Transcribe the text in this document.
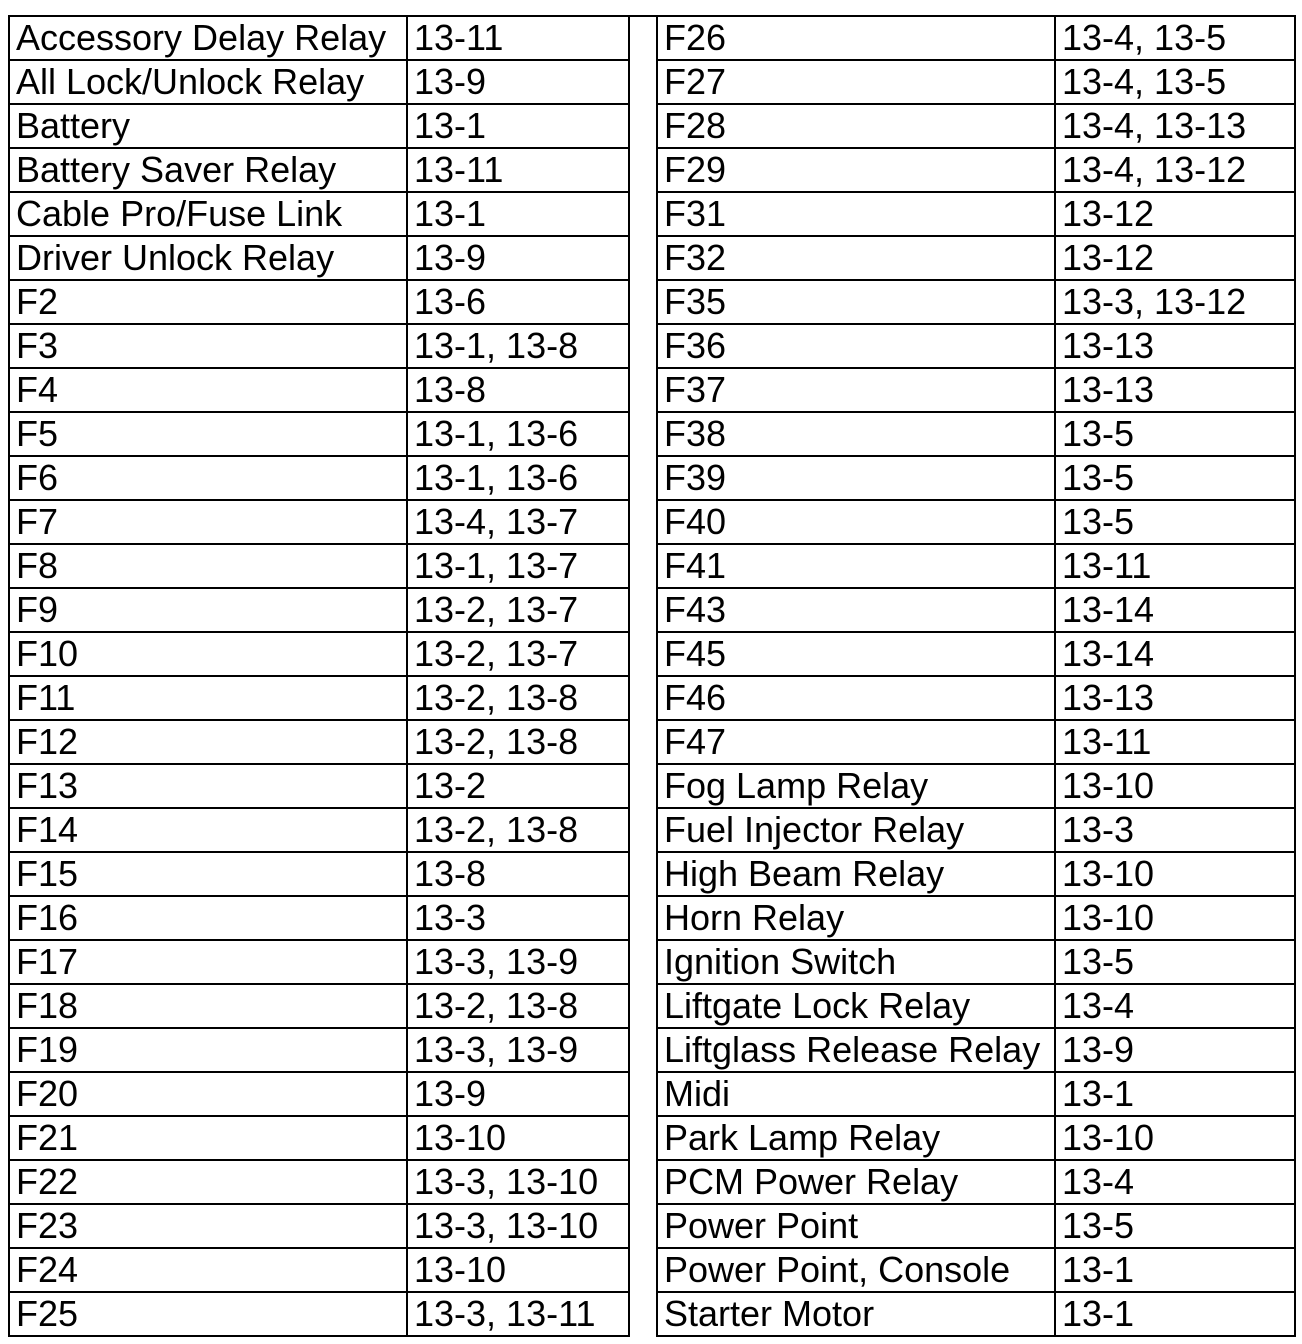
Accessory Delay Relay	13-11
All Lock/Unlock Relay	13-9
Battery	13-1
Battery Saver Relay	13-11
Cable Pro/Fuse Link	13-1
Driver Unlock Relay	13-9
F2	13-6
F3	13-1, 13-8
F4	13-8
F5	13-1, 13-6
F6	13-1, 13-6
F7	13-4, 13-7
F8	13-1, 13-7
F9	13-2, 13-7
F10	13-2, 13-7
F11	13-2, 13-8
F12	13-2, 13-8
F13	13-2
F14	13-2, 13-8
F15	13-8
F16	13-3
F17	13-3, 13-9
F18	13-2, 13-8
F19	13-3, 13-9
F20	13-9
F21	13-10
F22	13-3, 13-10
F23	13-3, 13-10
F24	13-10
F25	13-3, 13-11
F26	13-4, 13-5
F27	13-4, 13-5
F28	13-4, 13-13
F29	13-4, 13-12
F31	13-12
F32	13-12
F35	13-3, 13-12
F36	13-13
F37	13-13
F38	13-5
F39	13-5
F40	13-5
F41	13-11
F43	13-14
F45	13-14
F46	13-13
F47	13-11
Fog Lamp Relay	13-10
Fuel Injector Relay	13-3
High Beam Relay	13-10
Horn Relay	13-10
Ignition Switch	13-5
Liftgate Lock Relay	13-4
Liftglass Release Relay	13-9
Midi	13-1
Park Lamp Relay	13-10
PCM Power Relay	13-4
Power Point	13-5
Power Point, Console	13-1
Starter Motor	13-1
